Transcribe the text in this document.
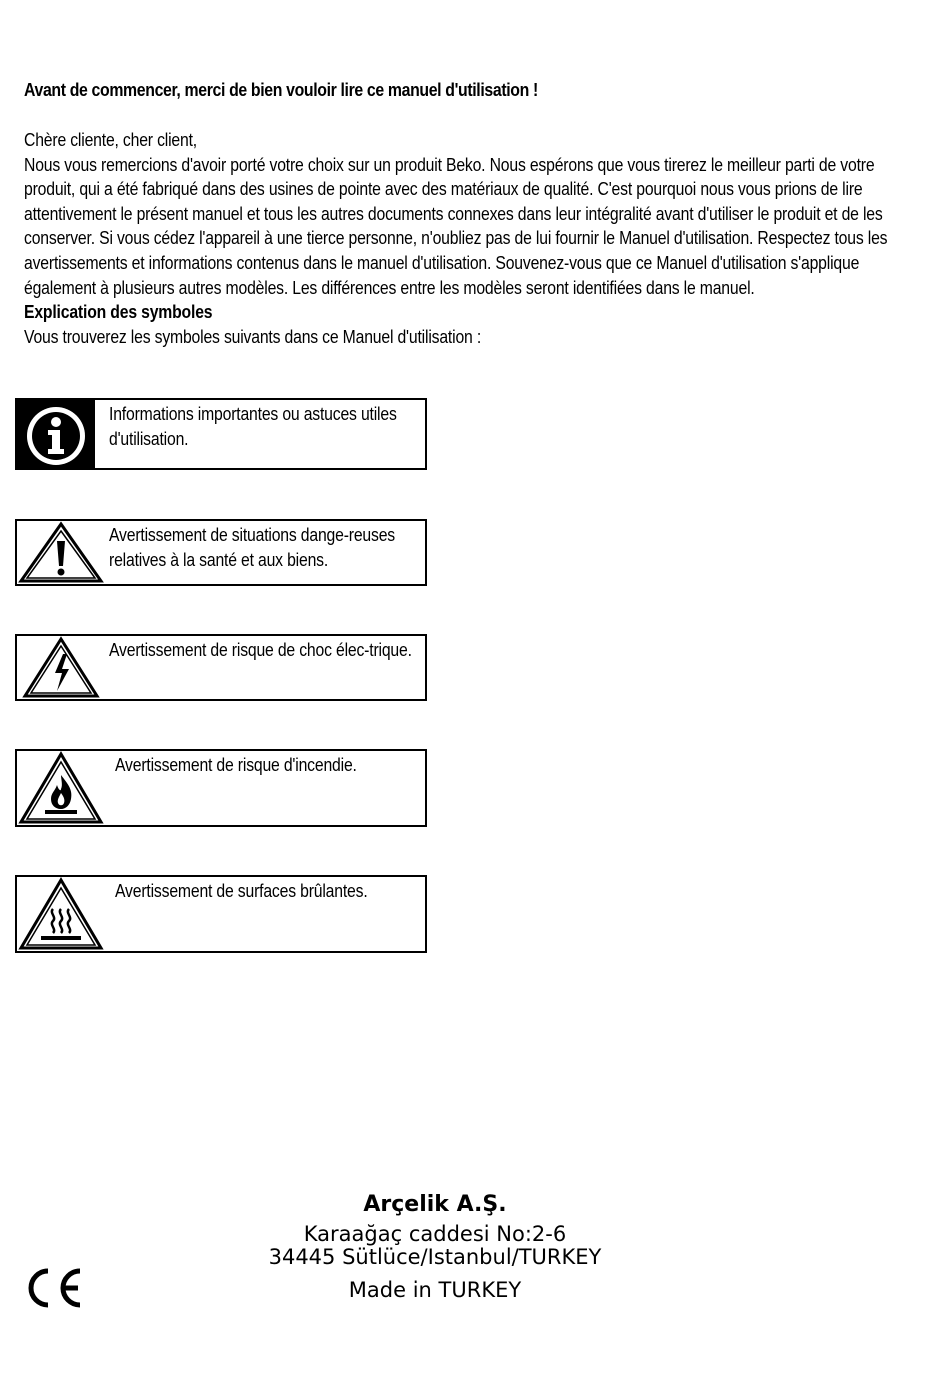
Avant de commencer, merci de bien vouloir lire ce manuel d'utilisation !

Chère cliente, cher client,

Nous vous remercions d'avoir porté votre choix sur un produit Beko. Nous espérons que vous tirerez le meilleur parti de votre produit, qui a été fabriqué dans des usines de pointe avec des matériaux de qualité. C'est pourquoi nous vous prions de lire attentivement le présent manuel et tous les autres documents connexes dans leur intégralité avant d'utiliser le produit et de les conserver. Si vous cédez l'appareil à une tierce personne, n'oubliez pas de lui fournir le Manuel d'utilisation. Respectez tous les avertissements et informations contenus dans le manuel d'utilisation. Souvenez-vous que ce Manuel d'utilisation s'applique également à plusieurs autres modèles. Les différences entre les modèles seront identifiées dans le manuel.

Explication des symboles

Vous trouverez les symboles suivants dans ce Manuel d'utilisation :

Informations importantes ou astuces utiles d'utilisation.
Avertissement de situations dange-reuses relatives à la santé et aux biens.
Avertissement de risque de choc élec-trique.
Avertissement de risque d'incendie.
Avertissement de surfaces brûlantes.
Arçelik A.Ş.
Karaağaç caddesi No:2-6
34445 Sütlüce/Istanbul/TURKEY
Made in TURKEY
